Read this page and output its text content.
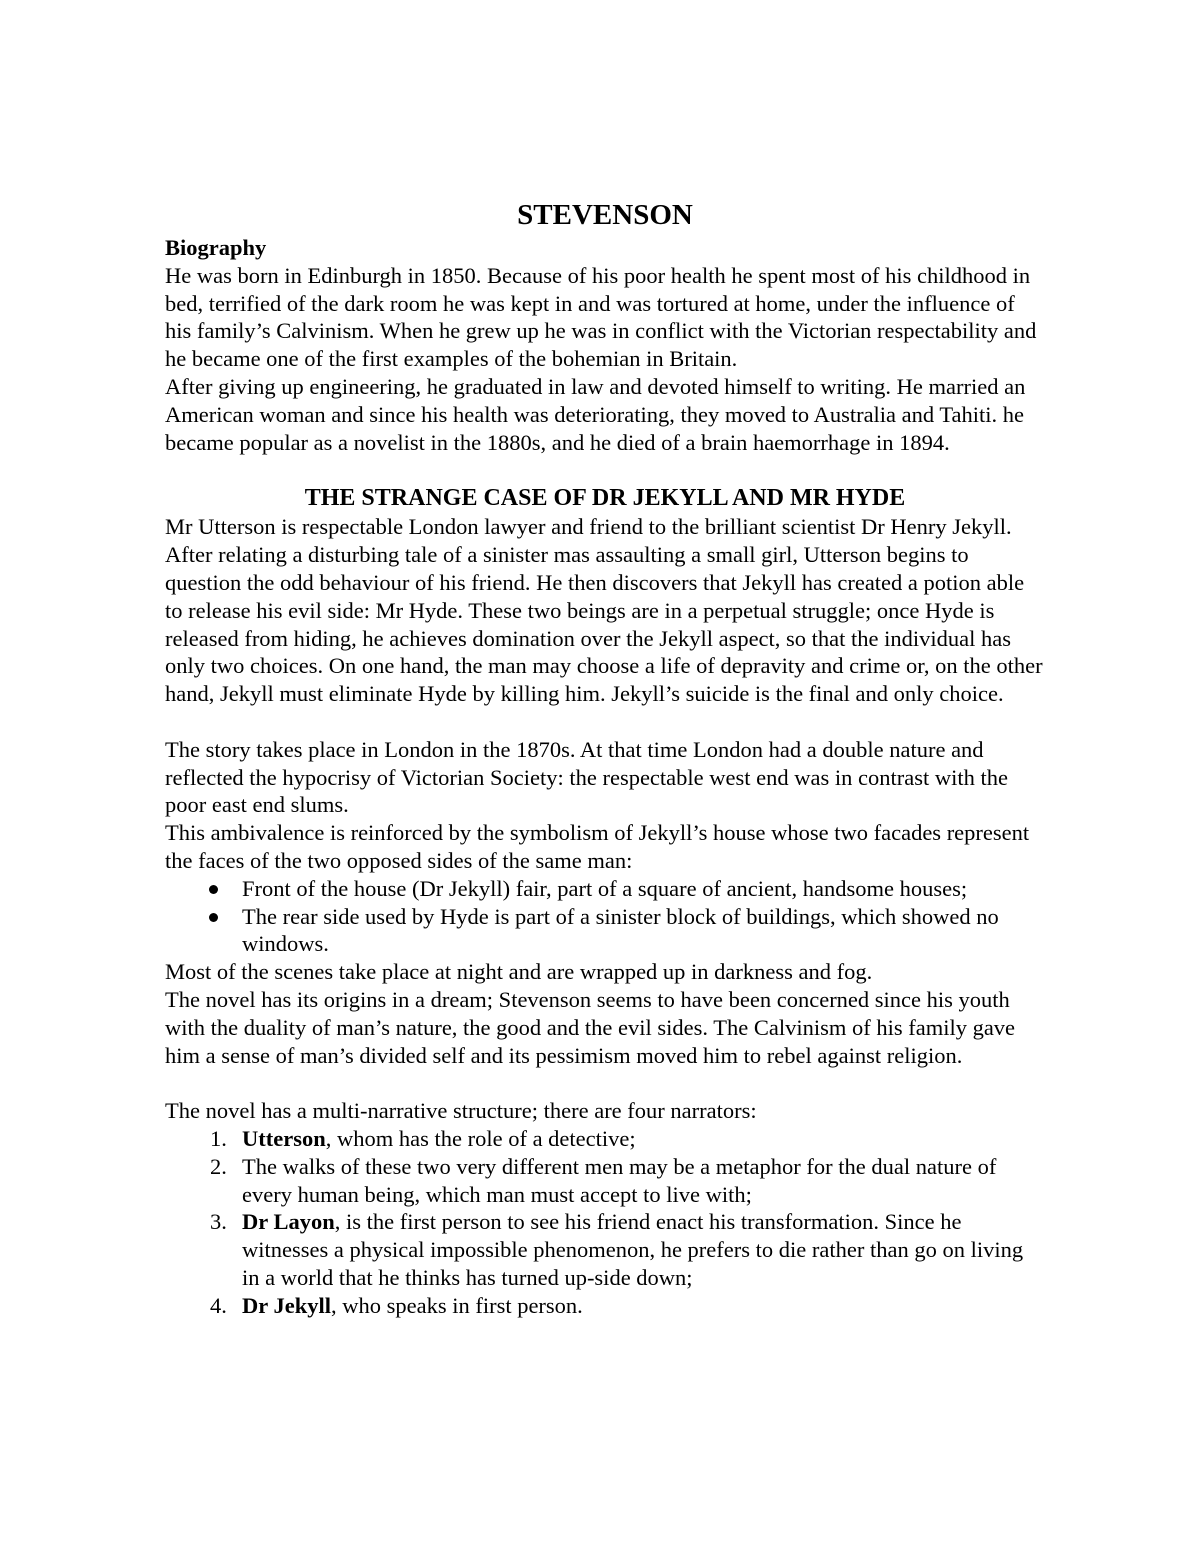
STEVENSON

Biography

He was born in Edinburgh in 1850. Because of his poor health he spent most of his childhood in bed, terrified of the dark room he was kept in and was tortured at home, under the influence of his family’s Calvinism. When he grew up he was in conflict with the Victorian respectability and he became one of the first examples of the bohemian in Britain.

After giving up engineering, he graduated in law and devoted himself to writing. He married an American woman and since his health was deteriorating, they moved to Australia and Tahiti. he became popular as a novelist in the 1880s, and he died of a brain haemorrhage in 1894.

THE STRANGE CASE OF DR JEKYLL AND MR HYDE

Mr Utterson is respectable London lawyer and friend to the brilliant scientist Dr Henry Jekyll. After relating a disturbing tale of a sinister mas assaulting a small girl, Utterson begins to question the odd behaviour of his friend. He then discovers that Jekyll has created a potion able to release his evil side: Mr Hyde. These two beings are in a perpetual struggle; once Hyde is released from hiding, he achieves domination over the Jekyll aspect, so that the individual has only two choices. On one hand, the man may choose a life of depravity and crime or, on the other hand, Jekyll must eliminate Hyde by killing him. Jekyll’s suicide is the final and only choice.

The story takes place in London in the 1870s. At that time London had a double nature and reflected the hypocrisy of Victorian Society: the respectable west end was in contrast with the poor east end slums.

This ambivalence is reinforced by the symbolism of Jekyll’s house whose two facades represent the faces of the two opposed sides of the same man:

Front of the house (Dr Jekyll) fair, part of a square of ancient, handsome houses;
The rear side used by Hyde is part of a sinister block of buildings, which showed no windows.

Most of the scenes take place at night and are wrapped up in darkness and fog.

The novel has its origins in a dream; Stevenson seems to have been concerned since his youth with the duality of man’s nature, the good and the evil sides. The Calvinism of his family gave him a sense of man’s divided self and its pessimism moved him to rebel against religion.

The novel has a multi-narrative structure; there are four narrators:

1. Utterson, whom has the role of a detective;
2. The walks of these two very different men may be a metaphor for the dual nature of every human being, which man must accept to live with;
3. Dr Layon, is the first person to see his friend enact his transformation. Since he witnesses a physical impossible phenomenon, he prefers to die rather than go on living in a world that he thinks has turned up-side down;
4. Dr Jekyll, who speaks in first person.
